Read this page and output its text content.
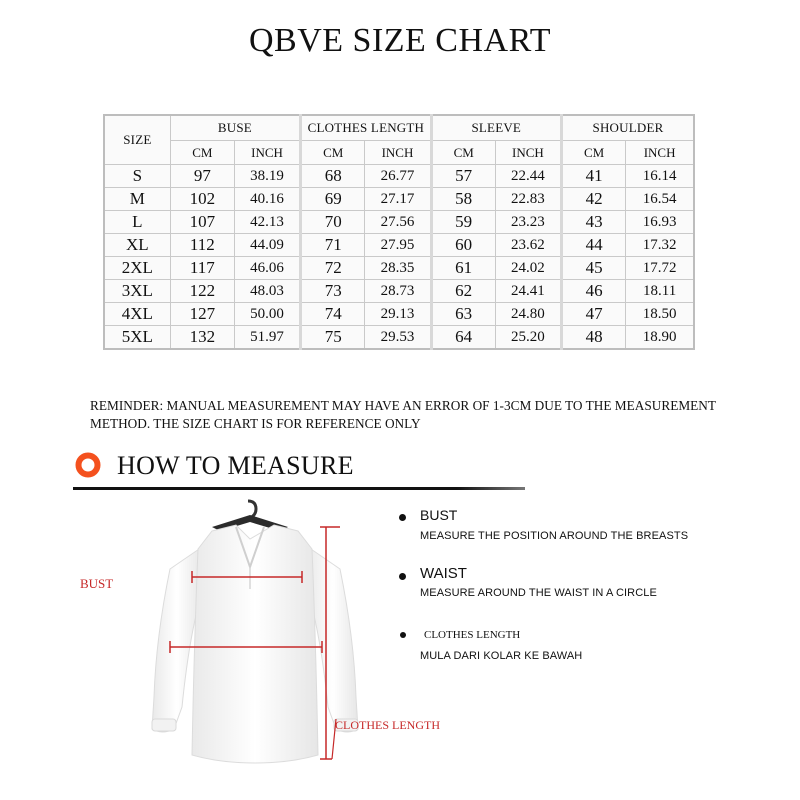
QBVE SIZE CHART
SIZE	BUSE		CLOTHES LENGTH		SLEEVE		SHOULDER	
	CM	INCH	CM	INCH	CM	INCH	CM	INCH
S	97	38.19	68	26.77	57	22.44	41	16.14
M	102	40.16	69	27.17	58	22.83	42	16.54
L	107	42.13	70	27.56	59	23.23	43	16.93
XL	112	44.09	71	27.95	60	23.62	44	17.32
2XL	117	46.06	72	28.35	61	24.02	45	17.72
3XL	122	48.03	73	28.73	62	24.41	46	18.11
4XL	127	50.00	74	29.13	63	24.80	47	18.50
5XL	132	51.97	75	29.53	64	25.20	48	18.90
REMINDER: MANUAL MEASUREMENT MAY HAVE AN ERROR OF 1-3CM DUE TO THE MEASUREMENT
METHOD. THE SIZE CHART IS FOR REFERENCE ONLY
HOW TO MEASURE
BUST
CLOTHES LENGTH
BUST
MEASURE THE POSITION AROUND THE BREASTS
WAIST
MEASURE AROUND THE WAIST IN A CIRCLE
CLOTHES LENGTH
MULA DARI KOLAR KE BAWAH
